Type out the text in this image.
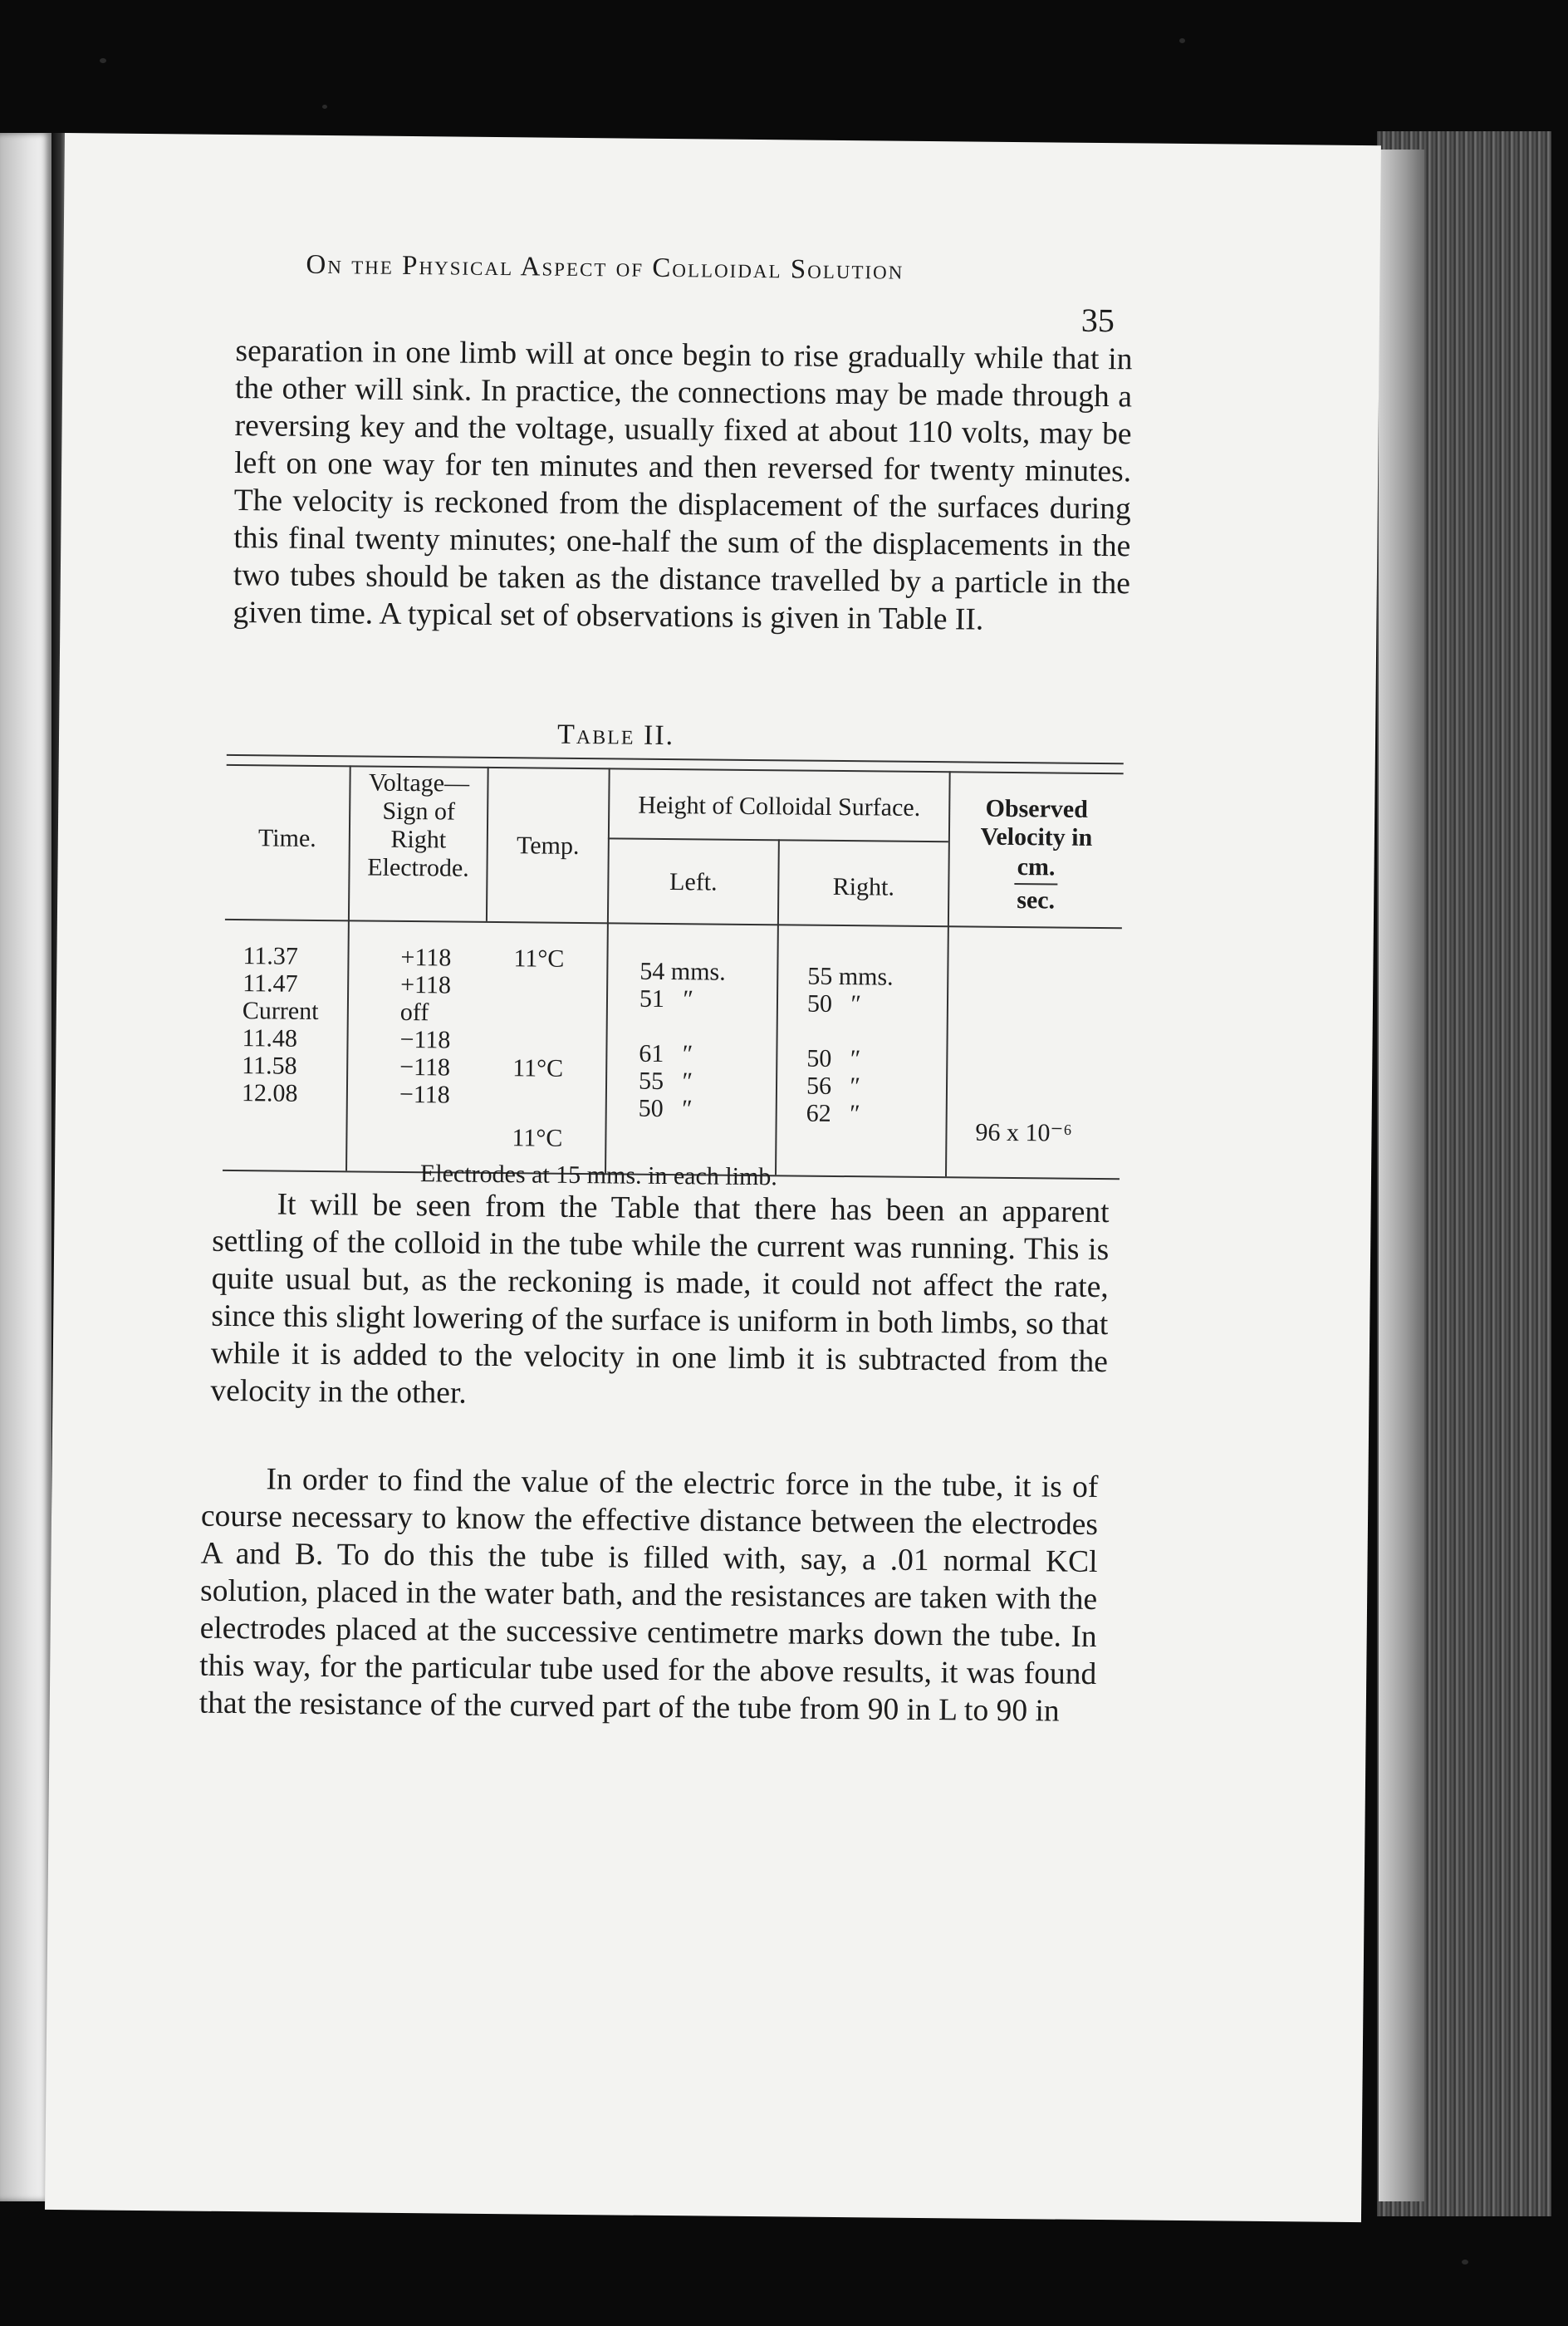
On the Physical Aspect of Colloidal Solution
35
separation in one limb will at once begin to rise gradually while that in the other will sink. In practice, the connections may be made through a reversing key and the voltage, usually fixed at about 110 volts, may be left on one way for ten minutes and then reversed for twenty minutes. The velocity is reckoned from the displacement of the surfaces during this final twenty minutes; one-half the sum of the displacements in the two tubes should be taken as the distance travelled by a particle in the given time. A typical set of observations is given in Table II.
Table II.
Time.
Voltage—
Sign of
Right
Electrode.
Temp.
Height of Colloidal Surface.
Left.	Right.
Observed
Velocity in
cm.
sec.
11.37
11.47
Current
11.48
11.58
12.08
+118
+118
off
−118
−118
−118
11°C
11°C
11°C
54 mms.
51   ″

61   ″
55   ″
50   ″
55 mms.
50   ″

50   ″
56   ″
62   ″
96 x 10⁻⁶
Electrodes at 15 mms. in each limb.
It will be seen from the Table that there has been an apparent settling of the colloid in the tube while the current was running. This is quite usual but, as the reckoning is made, it could not affect the rate, since this slight lowering of the surface is uniform in both limbs, so that while it is added to the velocity in one limb it is subtracted from the velocity in the other.
In order to find the value of the electric force in the tube, it is of course necessary to know the effective distance between the electrodes A and B. To do this the tube is filled with, say, a .01 normal KCl solution, placed in the water bath, and the resistances are taken with the electrodes placed at the successive centimetre marks down the tube. In this way, for the particular tube used for the above results, it was found that the resistance of the curved part of the tube from 90 in L to 90 in
